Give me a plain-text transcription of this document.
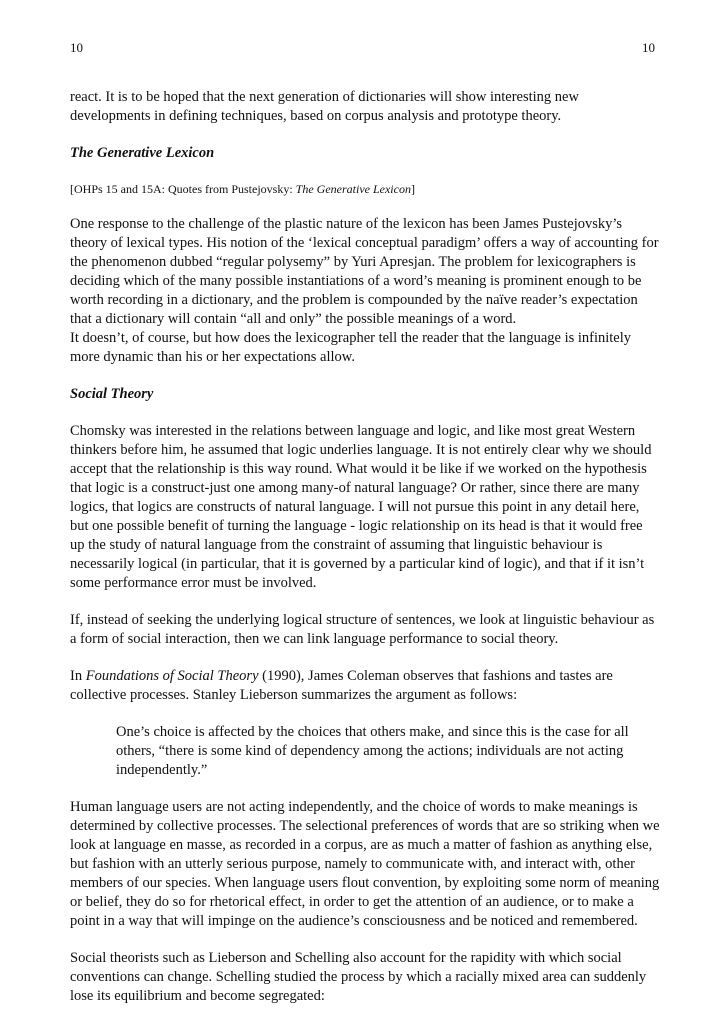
10	10

react. It is to be hoped that the next generation of dictionaries will show interesting new developments in defining techniques, based on corpus analysis and prototype theory.

The Generative Lexicon

[OHPs 15 and 15A: Quotes from Pustejovsky: The Generative Lexicon]

One response to the challenge of the plastic nature of the lexicon has been James Pustejovsky’s theory of lexical types. His notion of the ‘lexical conceptual paradigm’ offers a way of accounting for the phenomenon dubbed “regular polysemy” by Yuri Apresjan. The problem for lexicographers is deciding which of the many possible instantiations of a word’s meaning is prominent enough to be worth recording in a dictionary, and the problem is compounded by the naïve reader’s expectation that a dictionary will contain “all and only” the possible meanings of a word.

It doesn’t, of course, but how does the lexicographer tell the reader that the language is infinitely more dynamic than his or her expectations allow.

Social Theory

Chomsky was interested in the relations between language and logic, and like most great Western thinkers before him, he assumed that logic underlies language. It is not entirely clear why we should accept that the relationship is this way round. What would it be like if we worked on the hypothesis that logic is a construct-just one among many-of natural language? Or rather, since there are many logics, that logics are constructs of natural language. I will not pursue this point in any detail here, but one possible benefit of turning the language - logic relationship on its head is that it would free up the study of natural language from the constraint of assuming that linguistic behaviour is necessarily logical (in particular, that it is governed by a particular kind of logic), and that if it isn’t some performance error must be involved.

If, instead of seeking the underlying logical structure of sentences, we look at linguistic behaviour as a form of social interaction, then we can link language performance to social theory.

In Foundations of Social Theory (1990), James Coleman observes that fashions and tastes are collective processes. Stanley Lieberson summarizes the argument as follows:

One’s choice is affected by the choices that others make, and since this is the case for all others, “there is some kind of dependency among the actions; individuals are not acting independently.”

Human language users are not acting independently, and the choice of words to make meanings is determined by collective processes. The selectional preferences of words that are so striking when we look at language en masse, as recorded in a corpus, are as much a matter of fashion as anything else, but fashion with an utterly serious purpose, namely to communicate with, and interact with, other members of our species. When language users flout convention, by exploiting some norm of meaning or belief, they do so for rhetorical effect, in order to get the attention of an audience, or to make a point in a way that will impinge on the audience’s consciousness and be noticed and remembered.

Social theorists such as Lieberson and Schelling also account for the rapidity with which social conventions can change. Schelling studied the process by which a racially mixed area can suddenly lose its equilibrium and become segregated:
